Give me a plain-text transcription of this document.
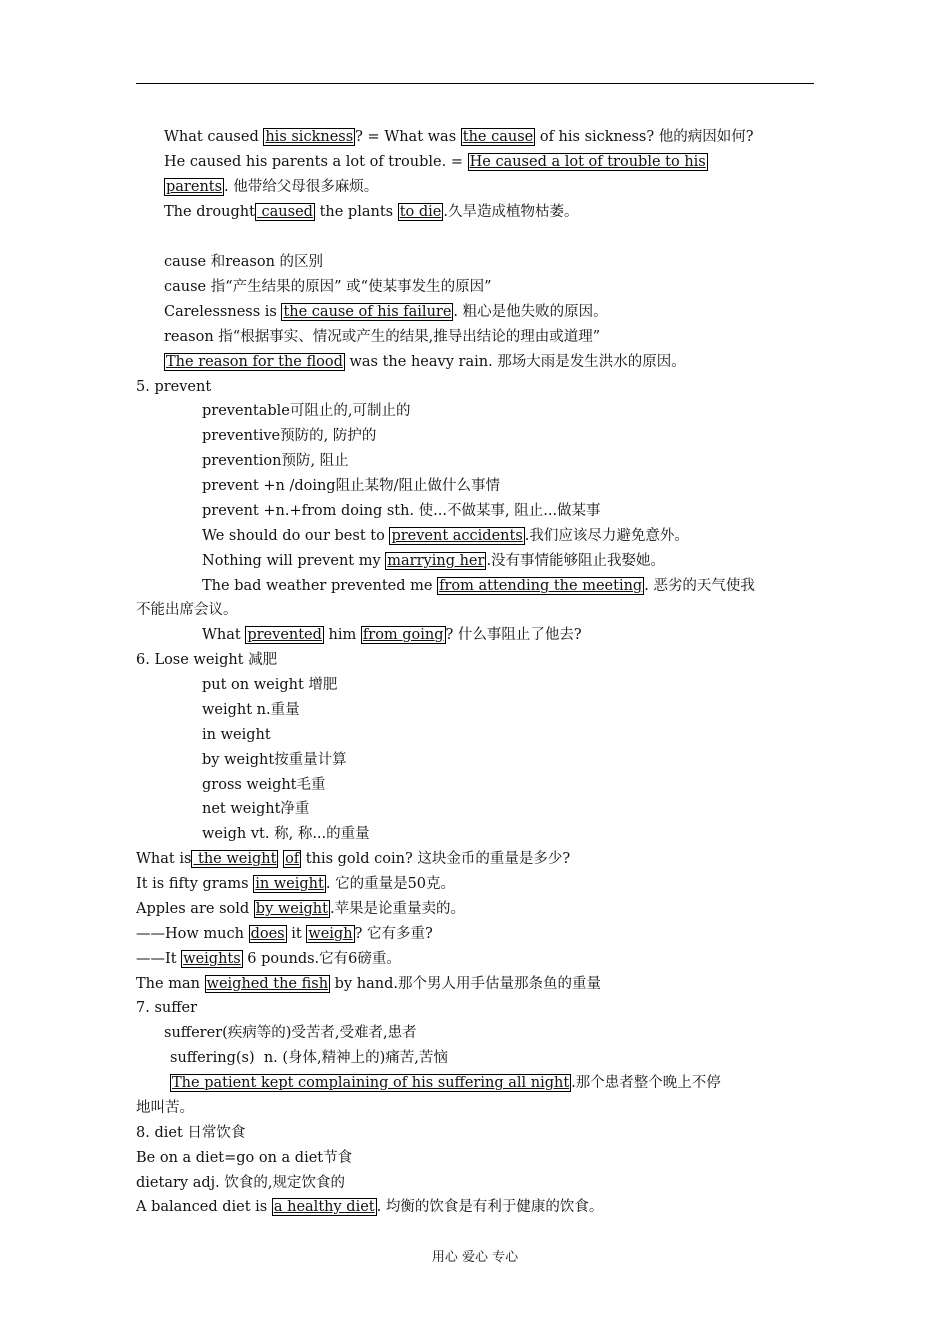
What caused his sickness ? = What was the cause of his sickness? 他的病因如何?
He caused his parents a lot of trouble. = He caused a lot of trouble to his
parents . 他带给父母很多麻烦。
The drought caused the plants to die .久旱造成植物枯萎。
cause 和reason 的区别
cause 指“产生结果的原因” 或“使某事发生的原因”
Carelessness is the cause of his failure . 粗心是他失败的原因。
reason 指“根据事实、情况或产生的结果,推导出结论的理由或道理”
The reason for the flood was the heavy rain. 那场大雨是发生洪水的原因。
5. prevent
preventable可阻止的,可制止的
preventive预防的, 防护的
prevention预防, 阻止
prevent +n /doing阻止某物/阻止做什么事情
prevent +n.+from doing sth. 使...不做某事, 阻止...做某事
We should do our best to prevent accidents .我们应该尽力避免意外。
Nothing will prevent my marrying her .没有事情能够阻止我娶她。
The bad weather prevented me from attending the meeting . 恶劣的天气使我
不能出席会议。
What prevented him from going ? 什么事阻止了他去?
6. Lose weight 减肥
put on weight 增肥
weight n.重量
in weight
by weight按重量计算
gross weight毛重
net weight净重
weigh vt. 称, 称...的重量
What is the weight of this gold coin? 这块金币的重量是多少?
It is fifty grams in weight . 它的重量是50克。
Apples are sold by weight .苹果是论重量卖的。
——How much does it weigh ? 它有多重?
——It weights 6 pounds.它有6磅重。
The man weighed the fish by hand.那个男人用手估量那条鱼的重量
7. suffer
sufferer(疾病等的)受苦者,受难者,患者
suffering(s)  n. (身体,精神上的)痛苦,苦恼
The patient kept complaining of his suffering all night .那个患者整个晚上不停
地叫苦。
8. diet 日常饮食
Be on a diet=go on a diet节食
dietary adj. 饮食的,规定饮食的
A balanced diet is a healthy diet . 均衡的饮食是有利于健康的饮食。
用心 爱心 专心
